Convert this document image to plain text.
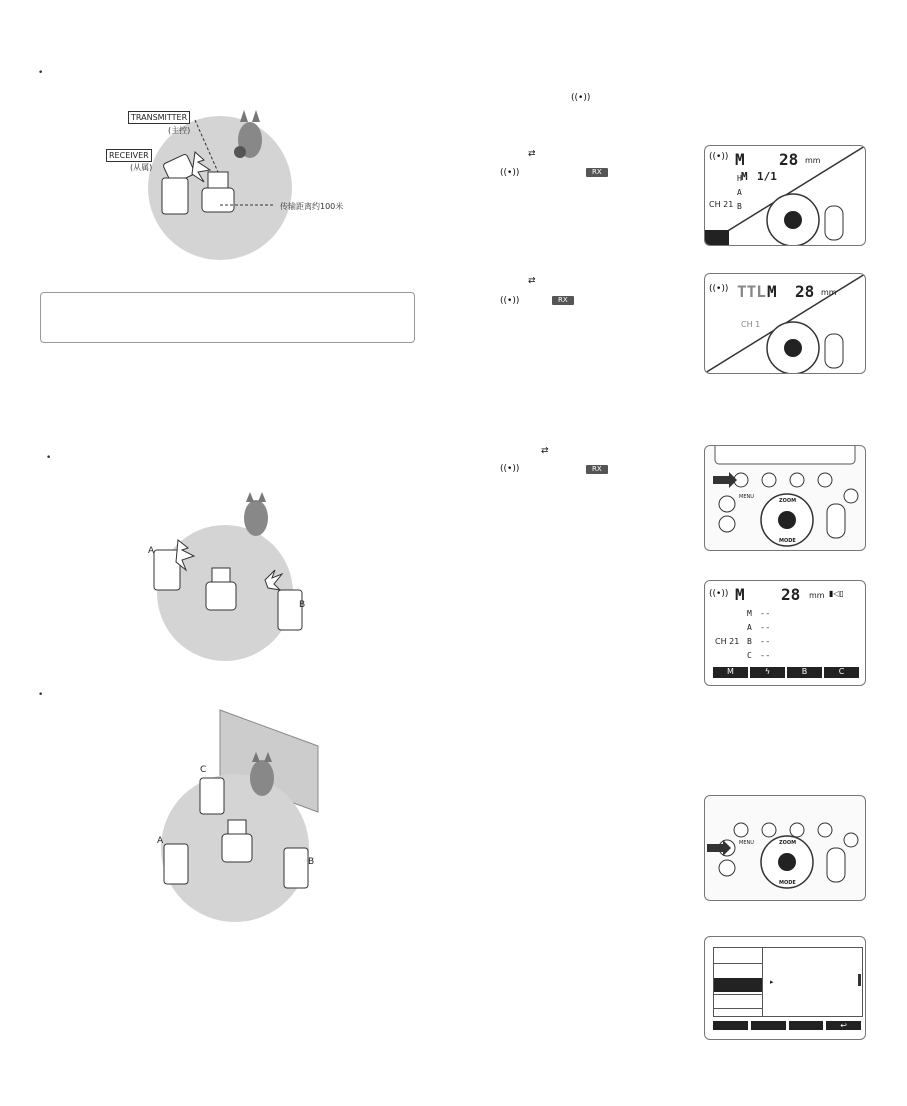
•
TRANSMITTER
(主控)
RECEIVER
(从属)
传输距离约100米
•
A
B
•
C
A
B
((•))
⇄
((•))	RX
⇄
((•))	RX
⇄
((•))	RX
((•)) M 28 mm
M 1/1
H
A
B
CH 21
((•)) TTL M 28 mm
CH 1
MENU
ZOOM
MODE
((•)) M 28 mm ▮◁▯
M - -
A - -
B - -
C - -
CH 21
M	ϟ	B	C
MENU	ZOOM
MODE
▸
↩
